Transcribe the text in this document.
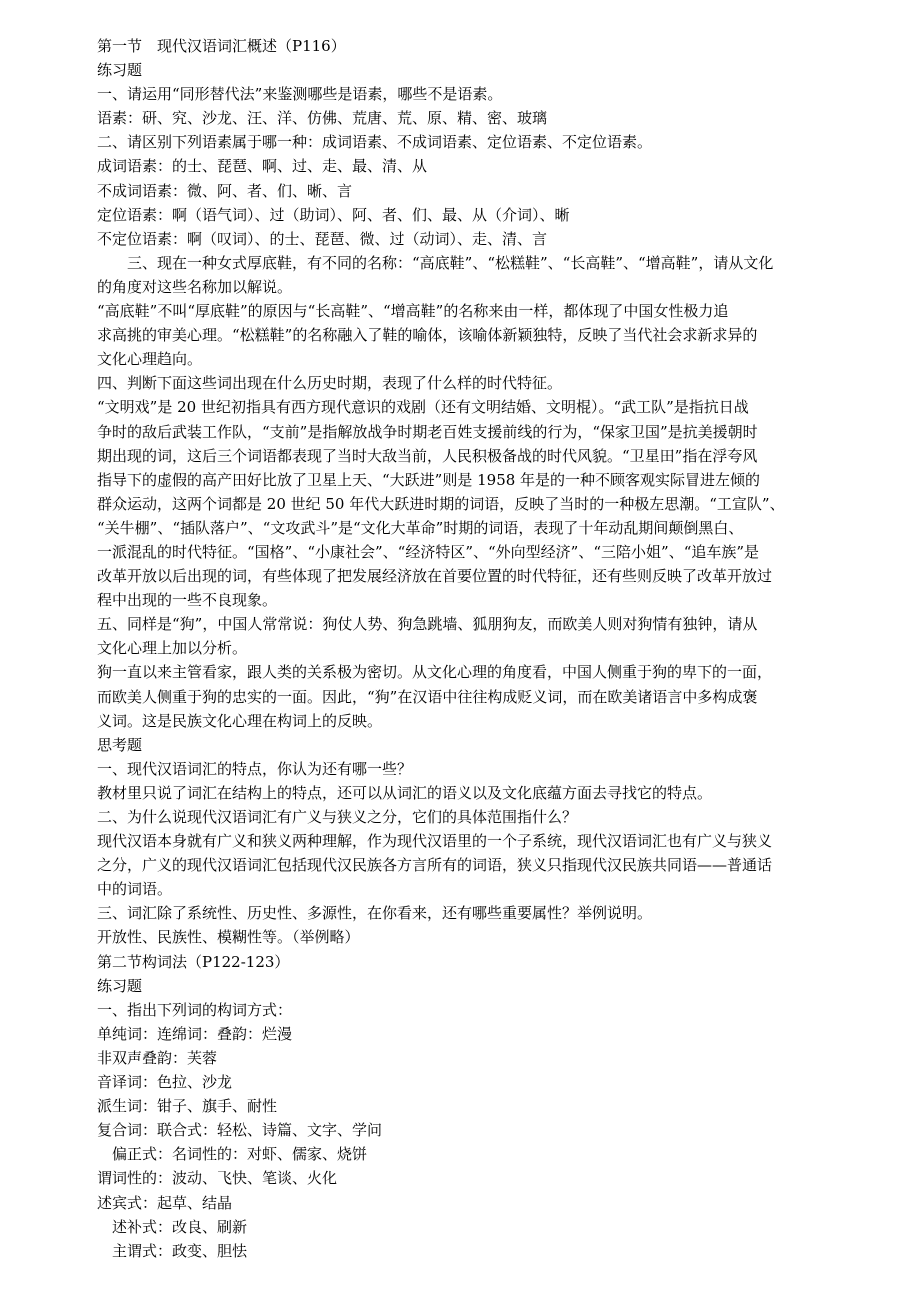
第一节　现代汉语词汇概述（P116）
练习题
一、请运用“同形替代法”来鉴测哪些是语素，哪些不是语素。
语素：研、究、沙龙、汪、洋、仿佛、荒唐、荒、原、精、密、玻璃
二、请区别下列语素属于哪一种：成词语素、不成词语素、定位语素、不定位语素。
成词语素：的士、琵琶、啊、过、走、最、清、从
不成词语素：微、阿、者、们、晰、言
定位语素：啊（语气词）、过（助词）、阿、者、们、最、从（介词）、晰
不定位语素：啊（叹词）、的士、琵琶、微、过（动词）、走、清、言
　　三、现在一种女式厚底鞋，有不同的名称：“高底鞋”、“松糕鞋”、“长高鞋”、“增高鞋”，请从文化
的角度对这些名称加以解说。
“高底鞋”不叫“厚底鞋”的原因与“长高鞋”、“增高鞋”的名称来由一样，都体现了中国女性极力追
求高挑的审美心理。“松糕鞋”的名称融入了鞋的喻体，该喻体新颖独特，反映了当代社会求新求异的
文化心理趋向。
四、判断下面这些词出现在什么历史时期，表现了什么样的时代特征。
“文明戏”是 20 世纪初指具有西方现代意识的戏剧（还有文明结婚、文明棍）。“武工队”是指抗日战
争时的敌后武装工作队，“支前”是指解放战争时期老百姓支援前线的行为，“保家卫国”是抗美援朝时
期出现的词，这后三个词语都表现了当时大敌当前，人民积极备战的时代风貌。“卫星田”指在浮夸风
指导下的虚假的高产田好比放了卫星上天、“大跃进”则是 1958 年是的一种不顾客观实际冒进左倾的
群众运动，这两个词都是 20 世纪 50 年代大跃进时期的词语，反映了当时的一种极左思潮。“工宣队”、
“关牛棚”、“插队落户”、“文攻武斗”是“文化大革命”时期的词语，表现了十年动乱期间颠倒黑白、
一派混乱的时代特征。“国格”、“小康社会”、“经济特区”、“外向型经济”、“三陪小姐”、“追车族”是
改革开放以后出现的词，有些体现了把发展经济放在首要位置的时代特征，还有些则反映了改革开放过
程中出现的一些不良现象。
五、同样是“狗”，中国人常常说：狗仗人势、狗急跳墙、狐朋狗友，而欧美人则对狗情有独钟，请从
文化心理上加以分析。
狗一直以来主管看家，跟人类的关系极为密切。从文化心理的角度看，中国人侧重于狗的卑下的一面，
而欧美人侧重于狗的忠实的一面。因此，“狗”在汉语中往往构成贬义词，而在欧美诸语言中多构成褒
义词。这是民族文化心理在构词上的反映。
思考题
一、现代汉语词汇的特点，你认为还有哪一些？
教材里只说了词汇在结构上的特点，还可以从词汇的语义以及文化底蕴方面去寻找它的特点。
二、为什么说现代汉语词汇有广义与狭义之分，它们的具体范围指什么？
现代汉语本身就有广义和狭义两种理解，作为现代汉语里的一个子系统，现代汉语词汇也有广义与狭义
之分，广义的现代汉语词汇包括现代汉民族各方言所有的词语，狭义只指现代汉民族共同语——普通话
中的词语。
三、词汇除了系统性、历史性、多源性，在你看来，还有哪些重要属性？举例说明。
开放性、民族性、模糊性等。（举例略）
第二节构词法（P122-123）
练习题
一、指出下列词的构词方式：
单纯词：连绵词：叠韵：烂漫
非双声叠韵：芙蓉
音译词：色拉、沙龙
派生词：钳子、旗手、耐性
复合词：联合式：轻松、诗篇、文字、学问
　偏正式：名词性的：对虾、儒家、烧饼
谓词性的：波动、飞快、笔谈、火化
述宾式：起草、结晶
　述补式：改良、刷新
　主谓式：政变、胆怯
